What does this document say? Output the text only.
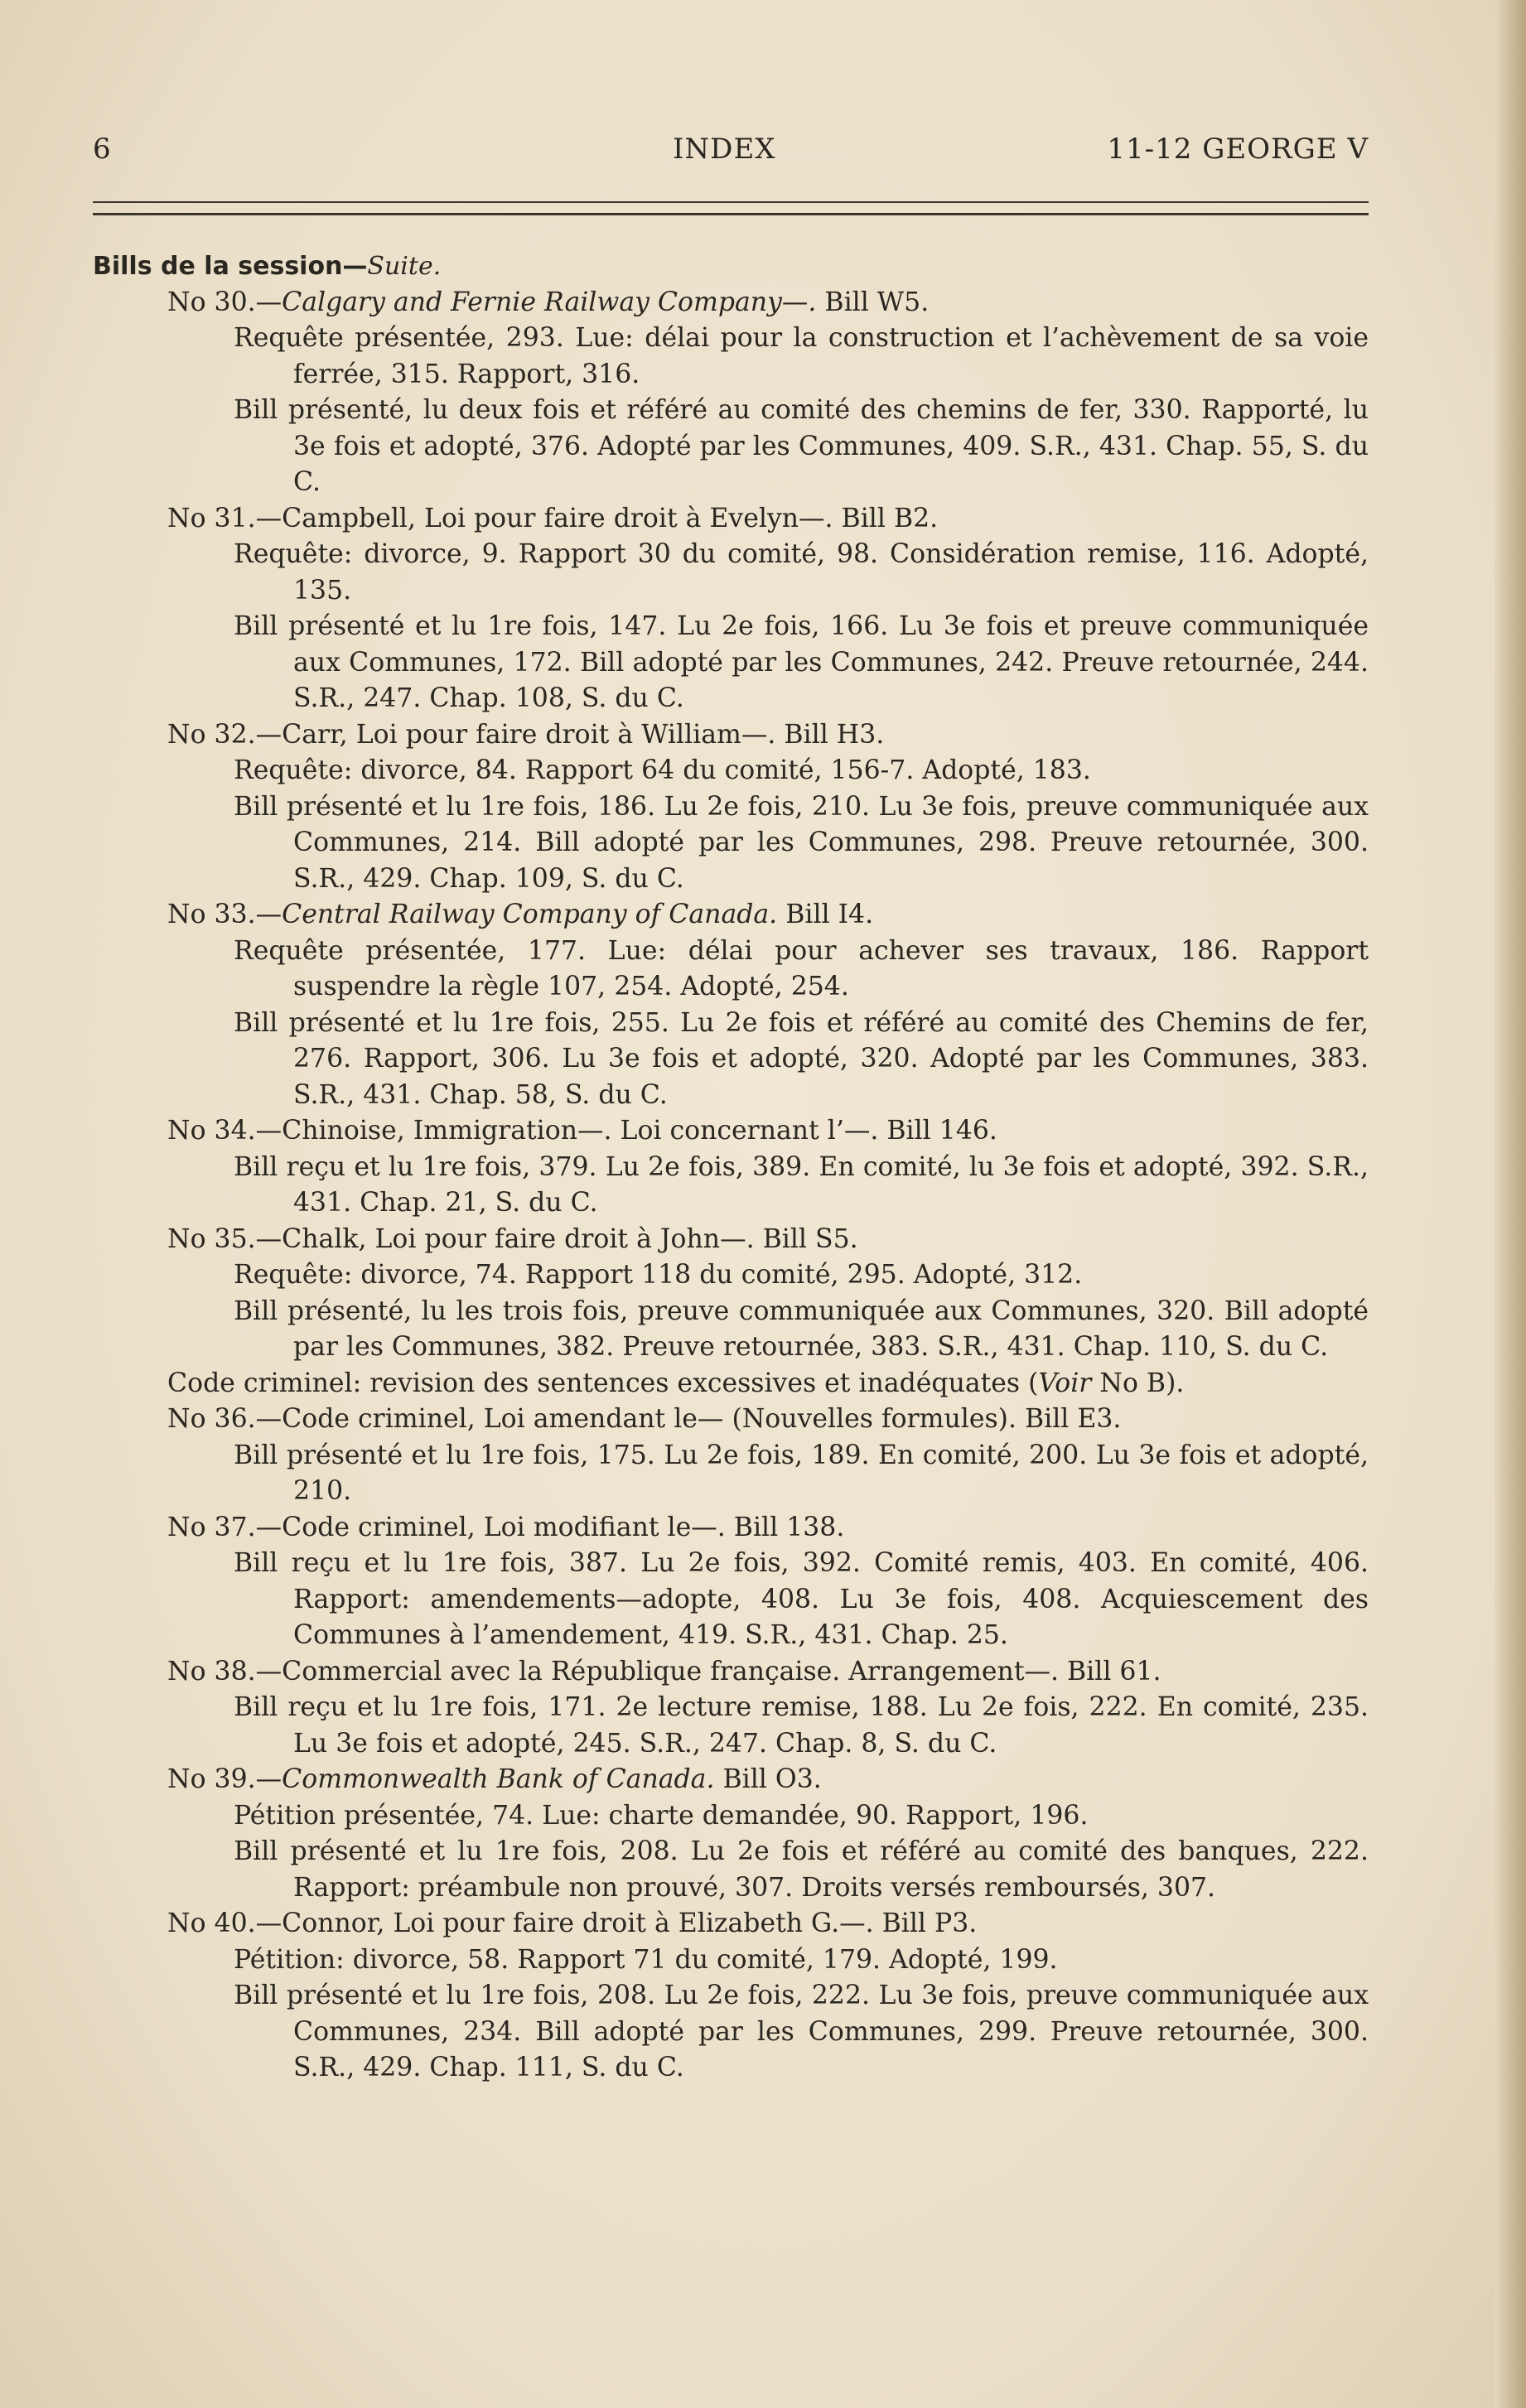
6	INDEX	11-12 GEORGE V
Bills de la session—Suite.
No 30.—Calgary and Fernie Railway Company—. Bill W5.
Requête présentée, 293. Lue: délai pour la construction et l’achèvement de sa voie ferrée, 315. Rapport, 316.
Bill présenté, lu deux fois et référé au comité des chemins de fer, 330. Rapporté, lu 3e fois et adopté, 376. Adopté par les Communes, 409. S.R., 431. Chap. 55, S. du C.
No 31.—Campbell, Loi pour faire droit à Evelyn—. Bill B2.
Requête: divorce, 9. Rapport 30 du comité, 98. Considération remise, 116. Adopté, 135.
Bill présenté et lu 1re fois, 147. Lu 2e fois, 166. Lu 3e fois et preuve communiquée aux Communes, 172. Bill adopté par les Communes, 242. Preuve retournée, 244. S.R., 247. Chap. 108, S. du C.
No 32.—Carr, Loi pour faire droit à William—. Bill H3.
Requête: divorce, 84. Rapport 64 du comité, 156-7. Adopté, 183.
Bill présenté et lu 1re fois, 186. Lu 2e fois, 210. Lu 3e fois, preuve communiquée aux Communes, 214. Bill adopté par les Communes, 298. Preuve retournée, 300. S.R., 429. Chap. 109, S. du C.
No 33.—Central Railway Company of Canada. Bill I4.
Requête présentée, 177. Lue: délai pour achever ses travaux, 186. Rapport suspendre la règle 107, 254. Adopté, 254.
Bill présenté et lu 1re fois, 255. Lu 2e fois et référé au comité des Chemins de fer, 276. Rapport, 306. Lu 3e fois et adopté, 320. Adopté par les Communes, 383. S.R., 431. Chap. 58, S. du C.
No 34.—Chinoise, Immigration—. Loi concernant l’—. Bill 146.
Bill reçu et lu 1re fois, 379. Lu 2e fois, 389. En comité, lu 3e fois et adopté, 392. S.R., 431. Chap. 21, S. du C.
No 35.—Chalk, Loi pour faire droit à John—. Bill S5.
Requête: divorce, 74. Rapport 118 du comité, 295. Adopté, 312.
Bill présenté, lu les trois fois, preuve communiquée aux Communes, 320. Bill adopté par les Communes, 382. Preuve retournée, 383. S.R., 431. Chap. 110, S. du C.
Code criminel: revision des sentences excessives et inadéquates (Voir No B).
No 36.—Code criminel, Loi amendant le— (Nouvelles formules). Bill E3.
Bill présenté et lu 1re fois, 175. Lu 2e fois, 189. En comité, 200. Lu 3e fois et adopté, 210.
No 37.—Code criminel, Loi modifiant le—. Bill 138.
Bill reçu et lu 1re fois, 387. Lu 2e fois, 392. Comité remis, 403. En comité, 406. Rapport: amendements—adopte, 408. Lu 3e fois, 408. Acquiescement des Communes à l’amendement, 419. S.R., 431. Chap. 25.
No 38.—Commercial avec la République française. Arrangement—. Bill 61.
Bill reçu et lu 1re fois, 171. 2e lecture remise, 188. Lu 2e fois, 222. En comité, 235. Lu 3e fois et adopté, 245. S.R., 247. Chap. 8, S. du C.
No 39.—Commonwealth Bank of Canada. Bill O3.
Pétition présentée, 74. Lue: charte demandée, 90. Rapport, 196.
Bill présenté et lu 1re fois, 208. Lu 2e fois et référé au comité des banques, 222. Rapport: préambule non prouvé, 307. Droits versés remboursés, 307.
No 40.—Connor, Loi pour faire droit à Elizabeth G.—. Bill P3.
Pétition: divorce, 58. Rapport 71 du comité, 179. Adopté, 199.
Bill présenté et lu 1re fois, 208. Lu 2e fois, 222. Lu 3e fois, preuve communiquée aux Communes, 234. Bill adopté par les Communes, 299. Preuve retournée, 300. S.R., 429. Chap. 111, S. du C.
